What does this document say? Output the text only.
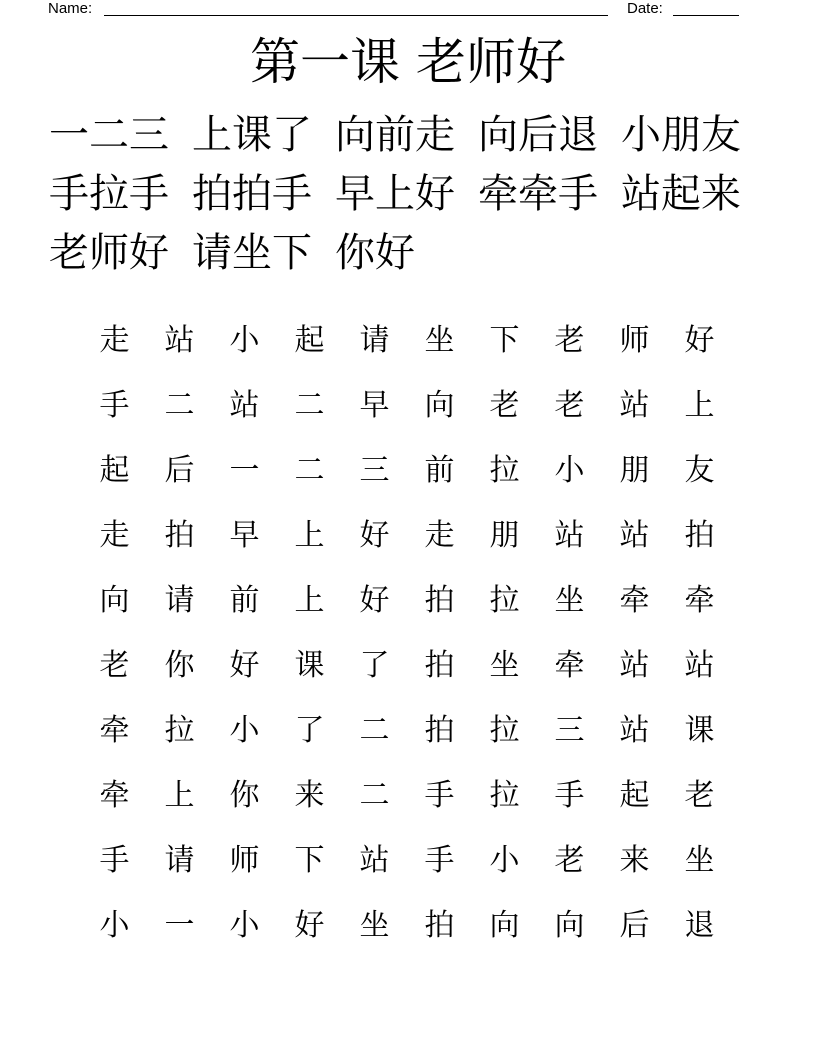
Name:	Date:
第一课 老师好
一二三 上课了 向前走 向后退 小朋友
手拉手 拍拍手 早上好 牵牵手 站起来
老师好 请坐下 你好
走	站	小	起	请	坐	下	老	师	好
手	二	站	二	早	向	老	老	站	上
起	后	一	二	三	前	拉	小	朋	友
走	拍	早	上	好	走	朋	站	站	拍
向	请	前	上	好	拍	拉	坐	牵	牵
老	你	好	课	了	拍	坐	牵	站	站
牵	拉	小	了	二	拍	拉	三	站	课
牵	上	你	来	二	手	拉	手	起	老
手	请	师	下	站	手	小	老	来	坐
小	一	小	好	坐	拍	向	向	后	退
